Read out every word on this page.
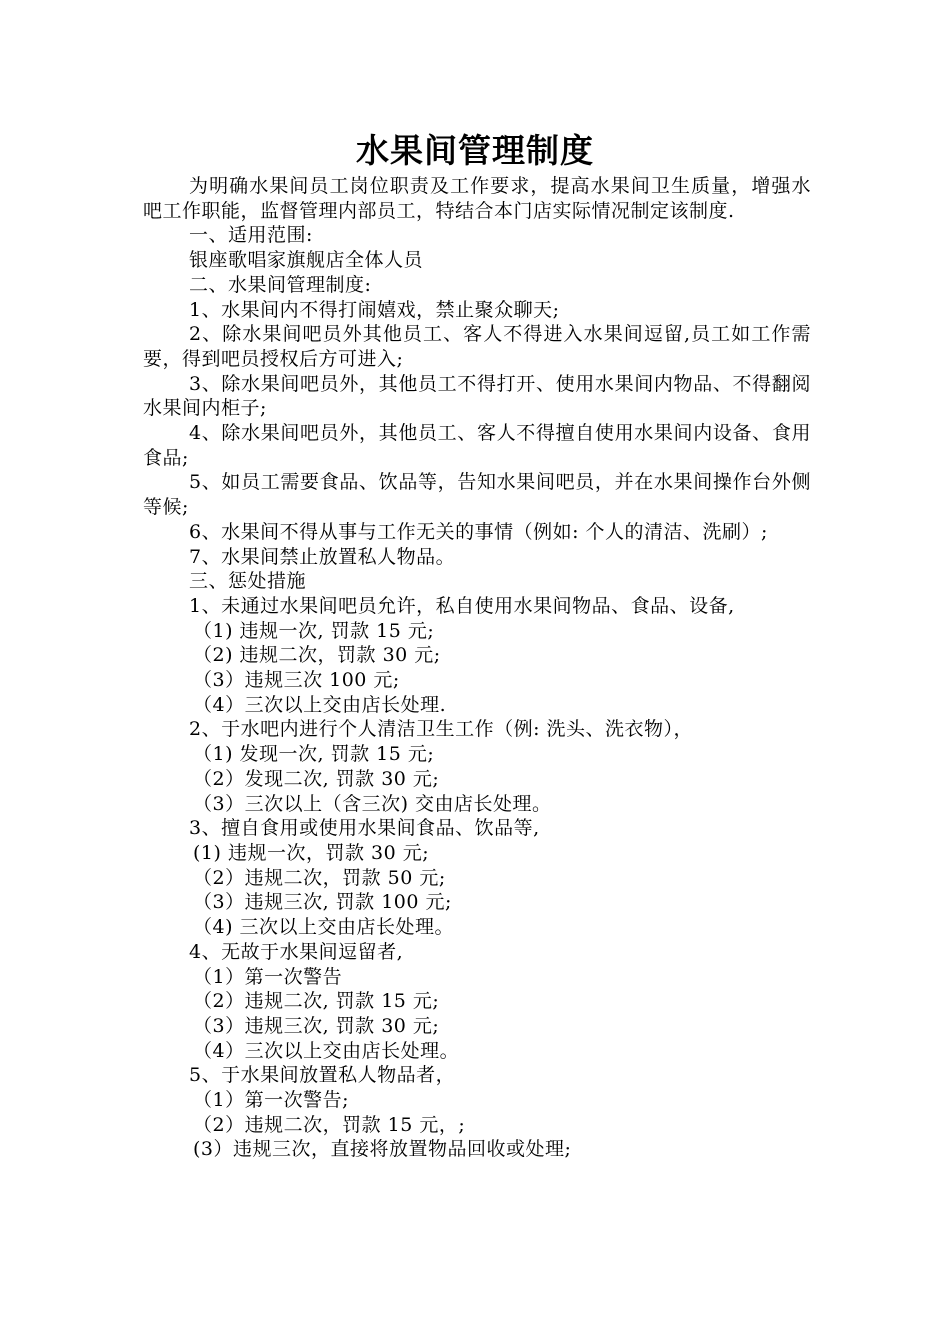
水果间管理制度

为明确水果间员工岗位职责及工作要求，提高水果间卫生质量，增强水吧工作职能，监督管理内部员工，特结合本门店实际情况制定该制度.

一、适用范围:

银座歌唱家旗舰店全体人员

二、水果间管理制度:

1、水果间内不得打闹嬉戏，禁止聚众聊天;

2、除水果间吧员外其他员工、客人不得进入水果间逗留,员工如工作需要，得到吧员授权后方可进入;

3、除水果间吧员外，其他员工不得打开、使用水果间内物品、不得翻阅水果间内柜子;

4、除水果间吧员外，其他员工、客人不得擅自使用水果间内设备、食用食品;

5、如员工需要食品、饮品等，告知水果间吧员，并在水果间操作台外侧等候;

6、水果间不得从事与工作无关的事情（例如: 个人的清洁、洗刷）;

7、水果间禁止放置私人物品。

三、惩处措施

1、未通过水果间吧员允许，私自使用水果间物品、食品、设备,

（1) 违规一次, 罚款 15 元;

（2) 违规二次，罚款 30 元;

（3）违规三次 100 元;

（4）三次以上交由店长处理.

2、于水吧内进行个人清洁卫生工作（例: 洗头、洗衣物），

（1) 发现一次, 罚款 15 元;

（2）发现二次, 罚款 30 元;

（3）三次以上（含三次) 交由店长处理。

3、擅自食用或使用水果间食品、饮品等,

(1) 违规一次，罚款 30 元;

（2）违规二次，罚款 50 元;

（3）违规三次, 罚款 100 元;

（4) 三次以上交由店长处理。

4、无故于水果间逗留者,

（1）第一次警告

（2）违规二次, 罚款 15 元;

（3）违规三次, 罚款 30 元;

（4）三次以上交由店长处理。

5、于水果间放置私人物品者，

（1）第一次警告;

（2）违规二次，罚款 15 元，;

(3）违规三次，直接将放置物品回收或处理;
